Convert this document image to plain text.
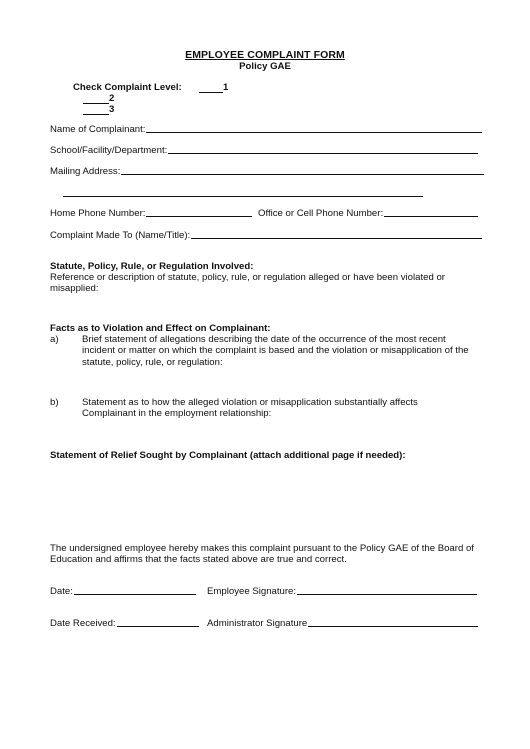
EMPLOYEE COMPLAINT FORM
Policy GAE
Check Complaint Level:	1
2
3
Name of Complainant:
School/Facility/Department:
Mailing Address:
Home Phone Number:	Office or Cell Phone Number:
Complaint Made To (Name/Title):
Statute, Policy, Rule, or Regulation Involved:
Reference or description of statute, policy, rule, or regulation alleged or have been violated or misapplied:
Facts as to Violation and Effect on Complainant:
a) Brief statement of allegations describing the date of the occurrence of the most recent incident or matter on which the complaint is based and the violation or misapplication of the statute, policy, rule, or regulation:
b) Statement as to how the alleged violation or misapplication substantially affects Complainant in the employment relationship:
Statement of Relief Sought by Complainant (attach additional page if needed):
The undersigned employee hereby makes this complaint pursuant to the Policy GAE of the Board of Education and affirms that the facts stated above are true and correct.
Date:	Employee Signature:
Date Received:	Administrator Signature
